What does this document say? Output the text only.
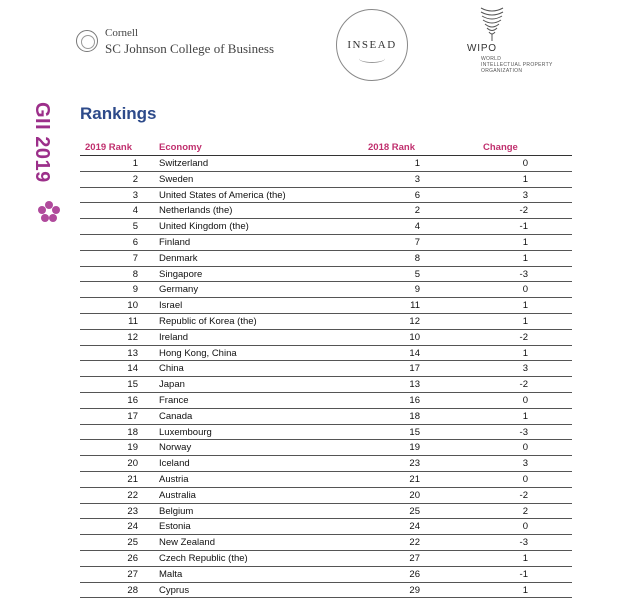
Cornell
SC Johnson College of Business	INSEAD	WIPO
WORLD
INTELLECTUAL PROPERTY
ORGANIZATION
GII 2019 Rankings
2019 Rank	Economy	2018 Rank	Change
1 Switzerland	1	0
2 Sweden	3	1
3 United States of America (the)	6	3
4 Netherlands (the)	2	-2
5 United Kingdom (the)	4	-1
6 Finland	7	1
7 Denmark	8	1
8 Singapore	5	-3
9 Germany	9	0
10 Israel	11	1
11 Republic of Korea (the)	12	1
12 Ireland	10	-2
13 Hong Kong, China	14	1
14 China	17	3
15 Japan	13	-2
16 France	16	0
17 Canada	18	1
18 Luxembourg	15	-3
19 Norway	19	0
20 Iceland	23	3
21 Austria	21	0
22 Australia	20	-2
23 Belgium	25	2
24 Estonia	24	0
25 New Zealand	22	-3
26 Czech Republic (the)	27	1
27 Malta	26	-1
28 Cyprus	29	1
